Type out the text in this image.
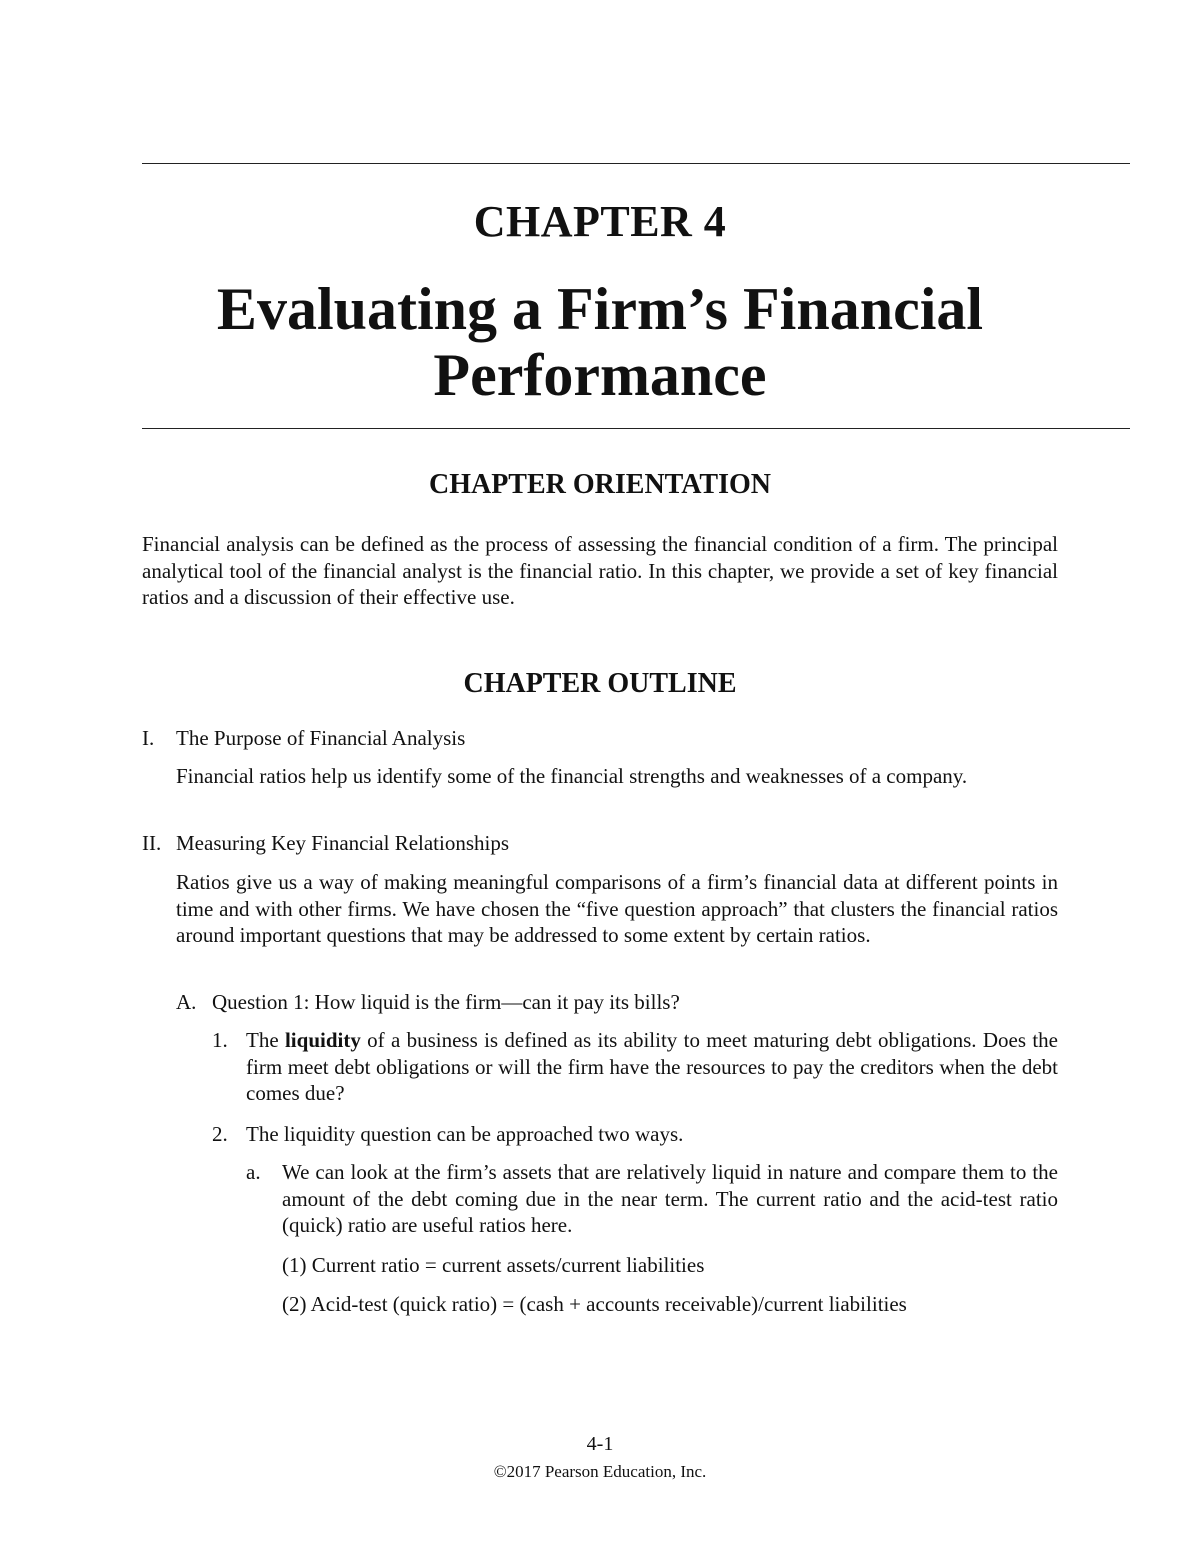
CHAPTER 4
Evaluating a Firm’s Financial
Performance
CHAPTER ORIENTATION
Financial analysis can be defined as the process of assessing the financial condition of a firm. The principal analytical tool of the financial analyst is the financial ratio. In this chapter, we provide a set of key financial ratios and a discussion of their effective use.
CHAPTER OUTLINE
I. The Purpose of Financial Analysis
Financial ratios help us identify some of the financial strengths and weaknesses of a company.
II. Measuring Key Financial Relationships
Ratios give us a way of making meaningful comparisons of a firm’s financial data at different points in time and with other firms. We have chosen the “five question approach” that clusters the financial ratios around important questions that may be addressed to some extent by certain ratios.
A. Question 1: How liquid is the firm—can it pay its bills?
1. The liquidity of a business is defined as its ability to meet maturing debt obligations. Does the firm meet debt obligations or will the firm have the resources to pay the creditors when the debt comes due?
2. The liquidity question can be approached two ways.
a. We can look at the firm’s assets that are relatively liquid in nature and compare them to the amount of the debt coming due in the near term. The current ratio and the acid-test ratio (quick) ratio are useful ratios here.
(1) Current ratio = current assets/current liabilities
(2) Acid-test (quick ratio) = (cash + accounts receivable)/current liabilities
4-1
©2017 Pearson Education, Inc.
